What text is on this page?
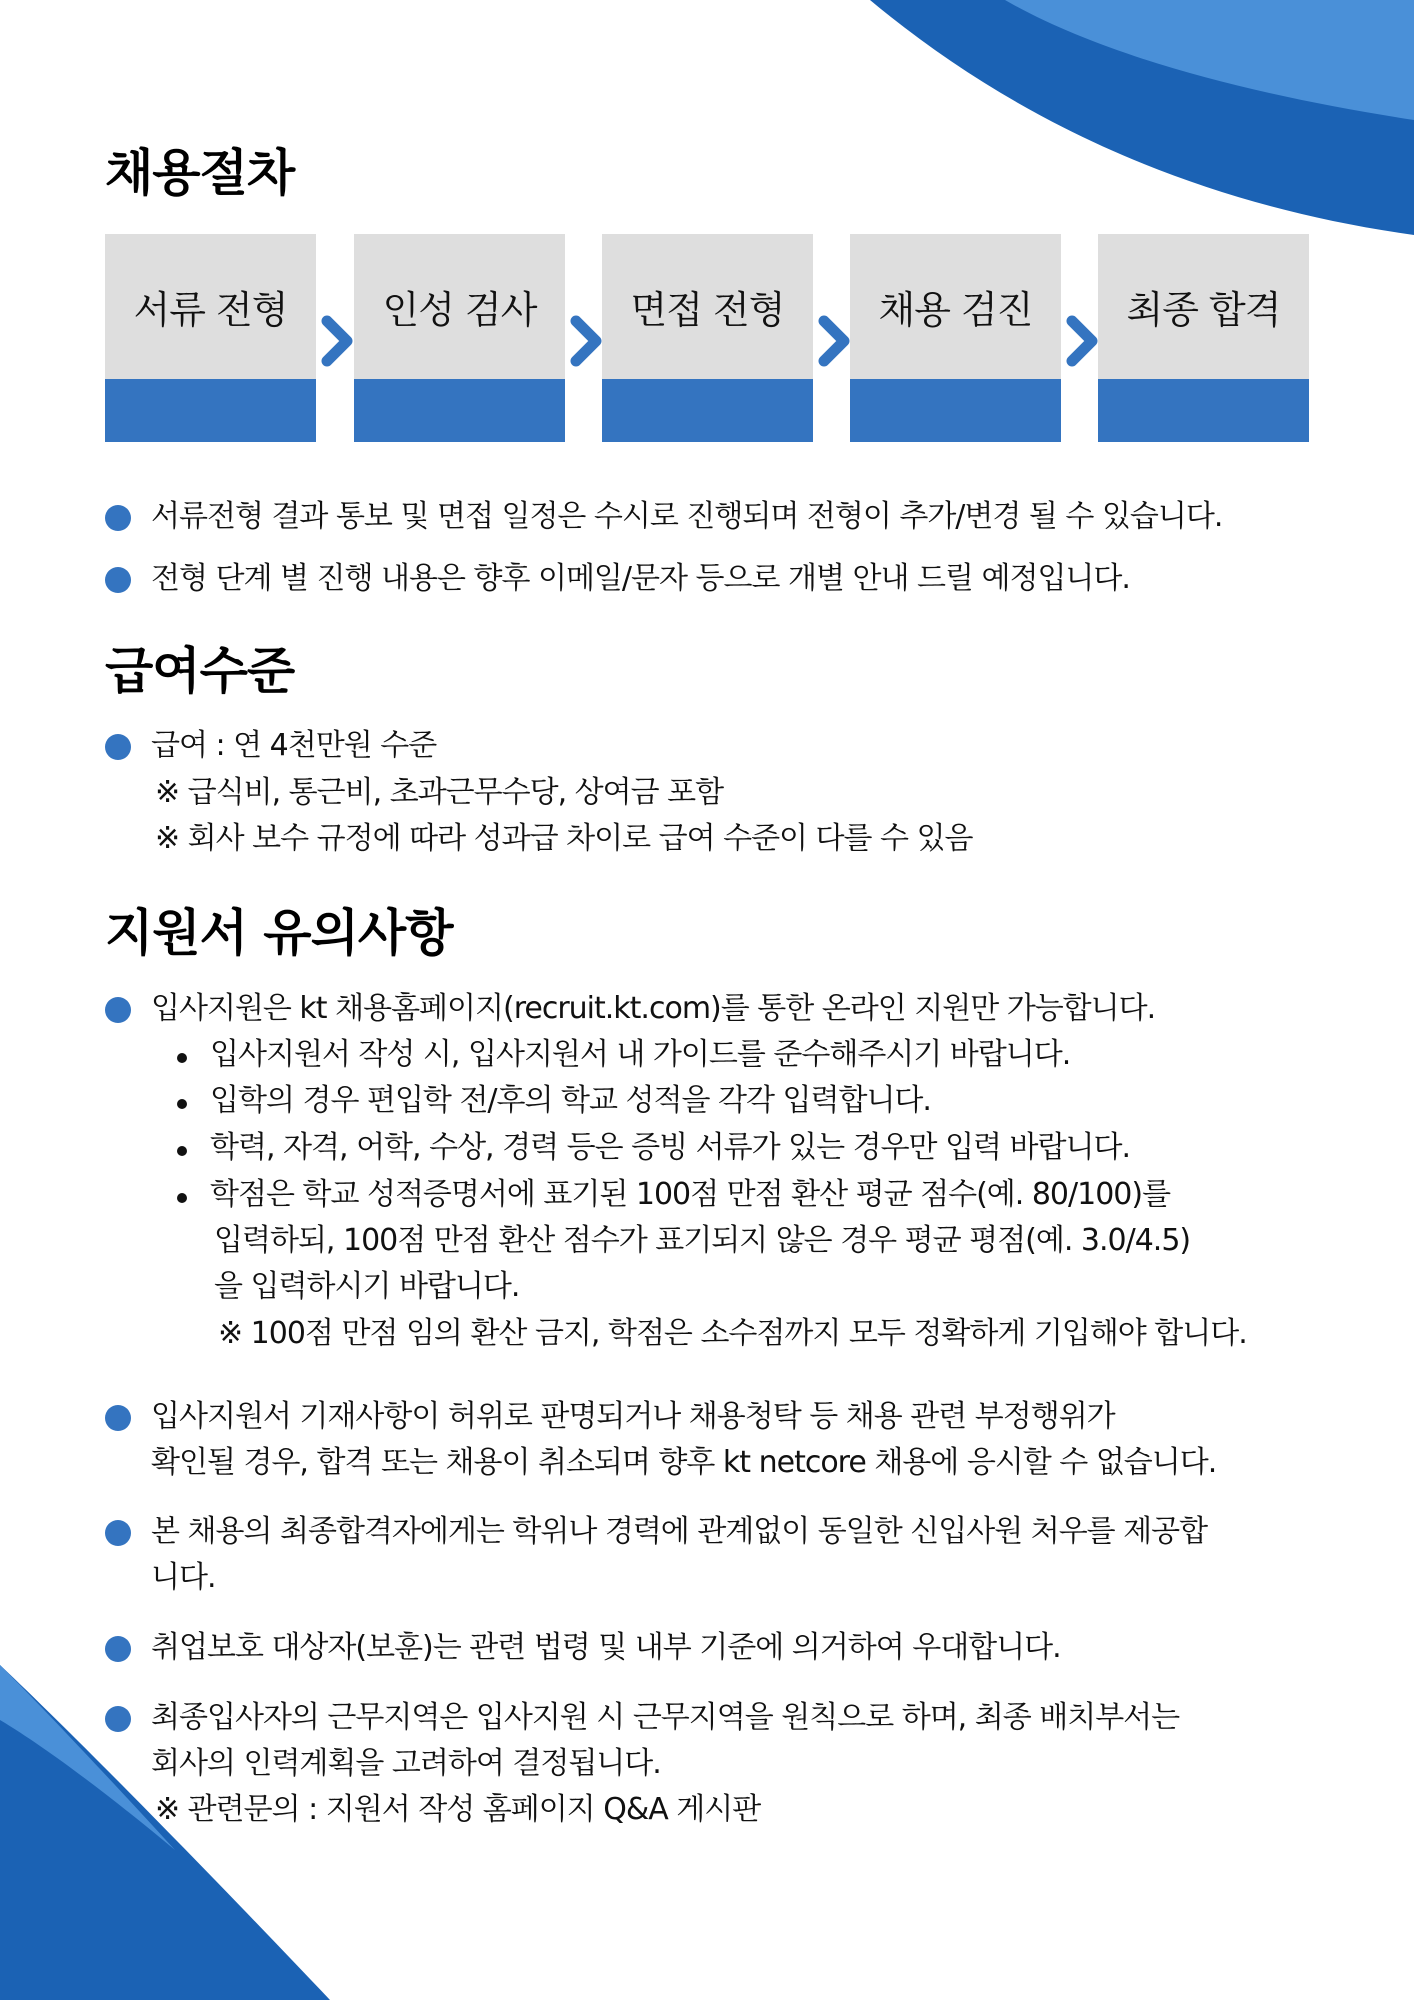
채용절차
서류 전형	인성 검사 면접 전형 채용 검진 최종 합격
서류전형 결과 통보 및 면접 일정은 수시로 진행되며 전형이 추가/변경 될 수 있습니다.
전형 단계 별 진행 내용은 향후 이메일/문자 등으로 개별 안내 드릴 예정입니다.
급여수준
급여 : 연 4천만원 수준
※ 급식비, 통근비, 초과근무수당, 상여금 포함
※ 회사 보수 규정에 따라 성과급 차이로 급여 수준이 다를 수 있음
지원서 유의사항
입사지원은 kt 채용홈페이지(recruit.kt.com)를 통한 온라인 지원만 가능합니다.
입사지원서 작성 시, 입사지원서 내 가이드를 준수해주시기 바랍니다.
입학의 경우 편입학 전/후의 학교 성적을 각각 입력합니다.
학력, 자격, 어학, 수상, 경력 등은 증빙 서류가 있는 경우만 입력 바랍니다.
학점은 학교 성적증명서에 표기된 100점 만점 환산 평균 점수(예. 80/100)를
입력하되, 100점 만점 환산 점수가 표기되지 않은 경우 평균 평점(예. 3.0/4.5)
을 입력하시기 바랍니다.
※ 100점 만점 임의 환산 금지, 학점은 소수점까지 모두 정확하게 기입해야 합니다.
입사지원서 기재사항이 허위로 판명되거나 채용청탁 등 채용 관련 부정행위가
확인될 경우, 합격 또는 채용이 취소되며 향후 kt netcore 채용에 응시할 수 없습니다.
본 채용의 최종합격자에게는 학위나 경력에 관계없이 동일한 신입사원 처우를 제공합
니다.
취업보호 대상자(보훈)는 관련 법령 및 내부 기준에 의거하여 우대합니다.
최종입사자의 근무지역은 입사지원 시 근무지역을 원칙으로 하며, 최종 배치부서는
회사의 인력계획을 고려하여 결정됩니다.
※ 관련문의 : 지원서 작성 홈페이지 Q&A 게시판
